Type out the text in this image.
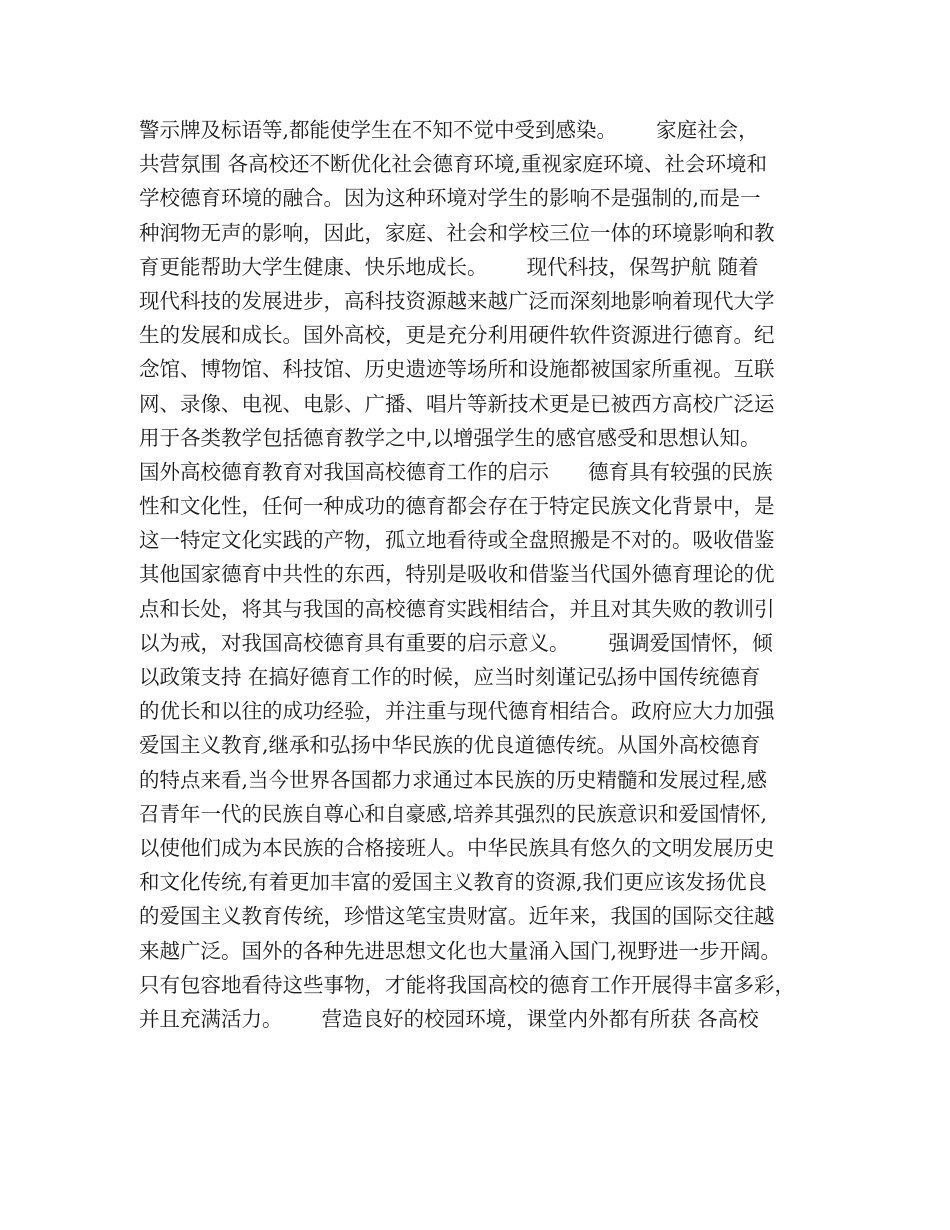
警示牌及标语等,都能使学生在不知不觉中受到感染。      家庭社会，
共营氛围 各高校还不断优化社会德育环境,重视家庭环境、社会环境和
学校德育环境的融合。因为这种环境对学生的影响不是强制的,而是一
种润物无声的影响，因此，家庭、社会和学校三位一体的环境影响和教
育更能帮助大学生健康、快乐地成长。      现代科技，保驾护航 随着
现代科技的发展进步，高科技资源越来越广泛而深刻地影响着现代大学
生的发展和成长。国外高校，更是充分利用硬件软件资源进行德育。纪
念馆、博物馆、科技馆、历史遗迹等场所和设施都被国家所重视。互联
网、录像、电视、电影、广播、唱片等新技术更是已被西方高校广泛运
用于各类教学包括德育教学之中,以增强学生的感官感受和思想认知。
国外高校德育教育对我国高校德育工作的启示      德育具有较强的民族
性和文化性，任何一种成功的德育都会存在于特定民族文化背景中，是
这一特定文化实践的产物，孤立地看待或全盘照搬是不对的。吸收借鉴
其他国家德育中共性的东西，特别是吸收和借鉴当代国外德育理论的优
点和长处，将其与我国的高校德育实践相结合，并且对其失败的教训引
以为戒，对我国高校德育具有重要的启示意义。      强调爱国情怀，倾
以政策支持 在搞好德育工作的时候，应当时刻谨记弘扬中国传统德育
的优长和以往的成功经验，并注重与现代德育相结合。政府应大力加强
爱国主义教育,继承和弘扬中华民族的优良道德传统。从国外高校德育
的特点来看,当今世界各国都力求通过本民族的历史精髓和发展过程,感
召青年一代的民族自尊心和自豪感,培养其强烈的民族意识和爱国情怀,
以使他们成为本民族的合格接班人。中华民族具有悠久的文明发展历史
和文化传统,有着更加丰富的爱国主义教育的资源,我们更应该发扬优良
的爱国主义教育传统，珍惜这笔宝贵财富。近年来，我国的国际交往越
来越广泛。国外的各种先进思想文化也大量涌入国门,视野进一步开阔。
只有包容地看待这些事物，才能将我国高校的德育工作开展得丰富多彩，
并且充满活力。      营造良好的校园环境，课堂内外都有所获 各高校
